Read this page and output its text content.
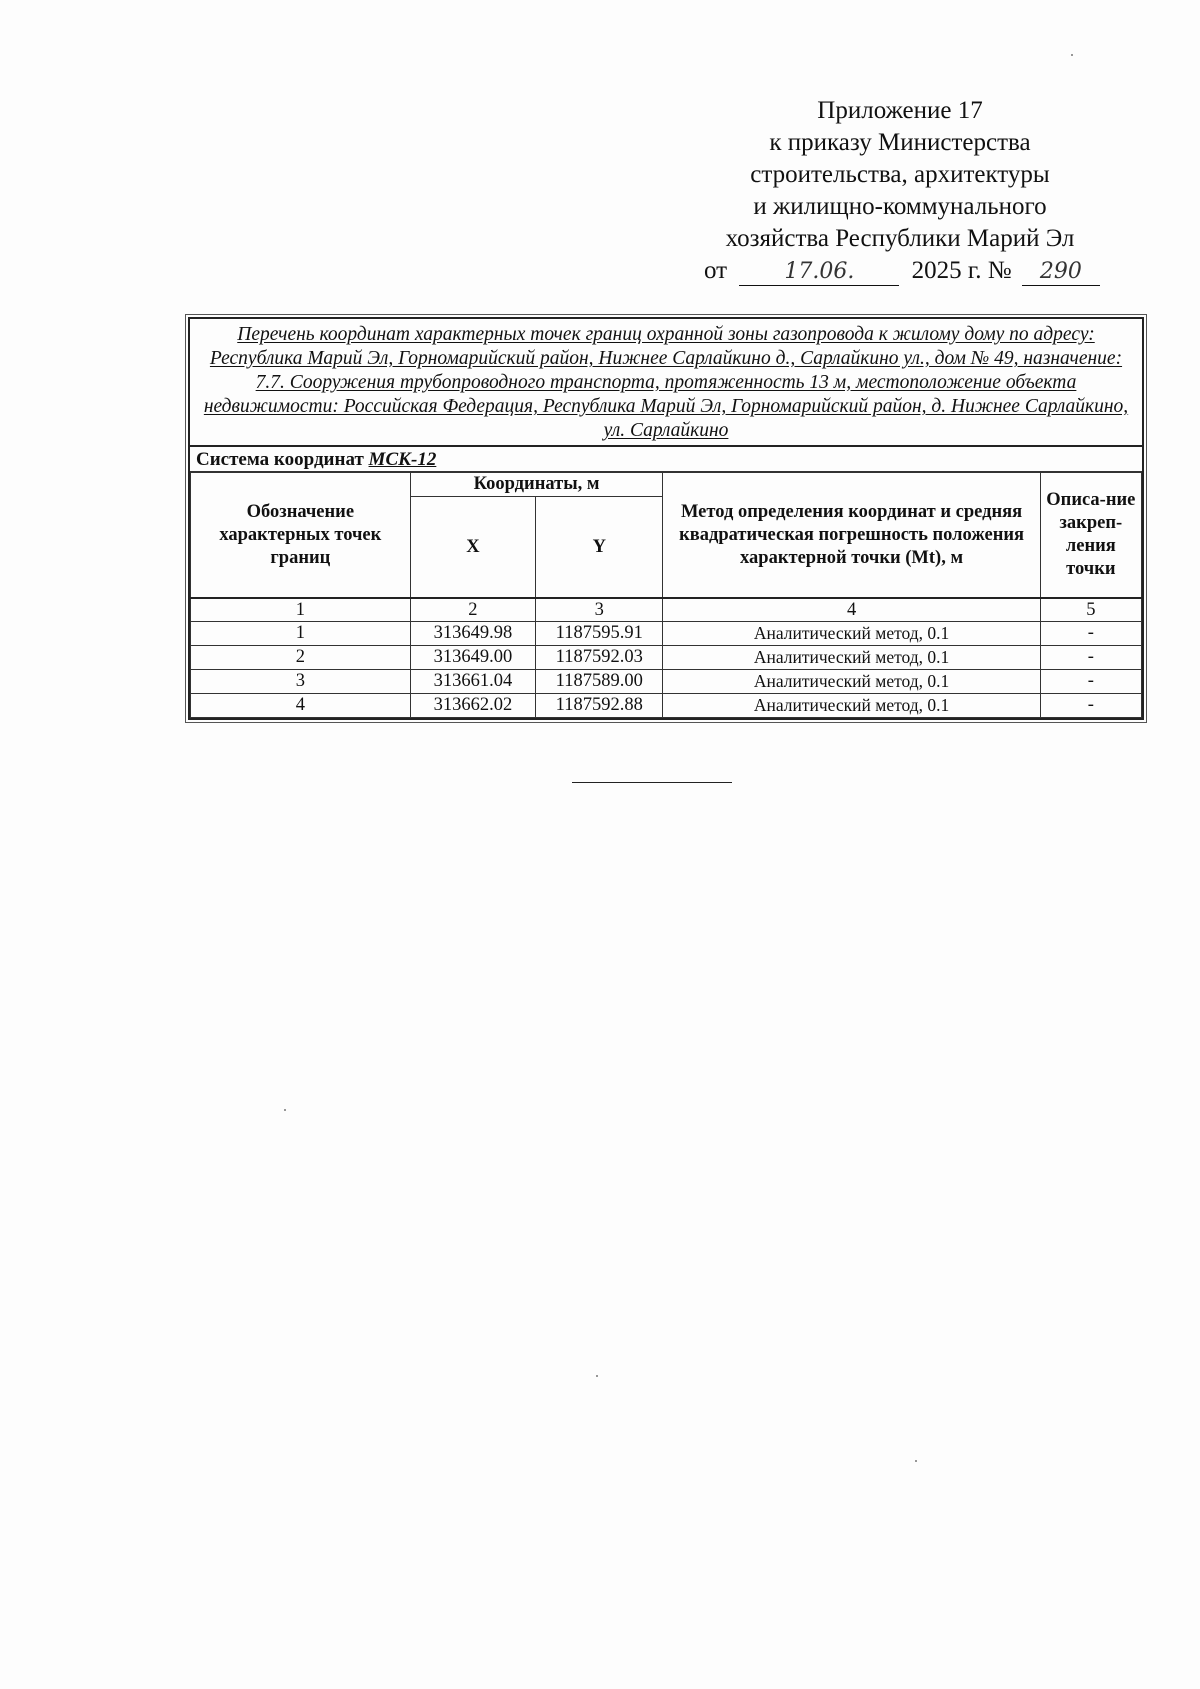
Приложение 17
к приказу Министерства
строительства, архитектуры
и жилищно-коммунального
хозяйства Республики Марий Эл
от	17.06. 2025 г. № 290
Перечень координат характерных точек границ охранной зоны газопровода к жилому дому по адресу: Республика Марий Эл, Горномарийский район, Нижнее Сарлайкино д., Сарлайкино ул., дом № 49, назначение: 7.7. Сооружения трубопроводного транспорта, протяженность 13 м, местоположение объекта недвижимости: Российская Федерация, Республика Марий Эл, Горномарийский район, д. Нижнее Сарлайкино, ул. Сарлайкино
Система координат МСК-12
Обозначение характерных точек границ	Координаты, м		Метод определения координат и средняя квадратическая погрешность положения характерной точки (Mt), м	Описа-ние закреп-ления точки
	X	Y		
1	2	3	4	5
1	313649.98	1187595.91	Аналитический метод, 0.1	-
2	313649.00	1187592.03	Аналитический метод, 0.1	-
3	313661.04	1187589.00	Аналитический метод, 0.1	-
4	313662.02	1187592.88	Аналитический метод, 0.1	-
